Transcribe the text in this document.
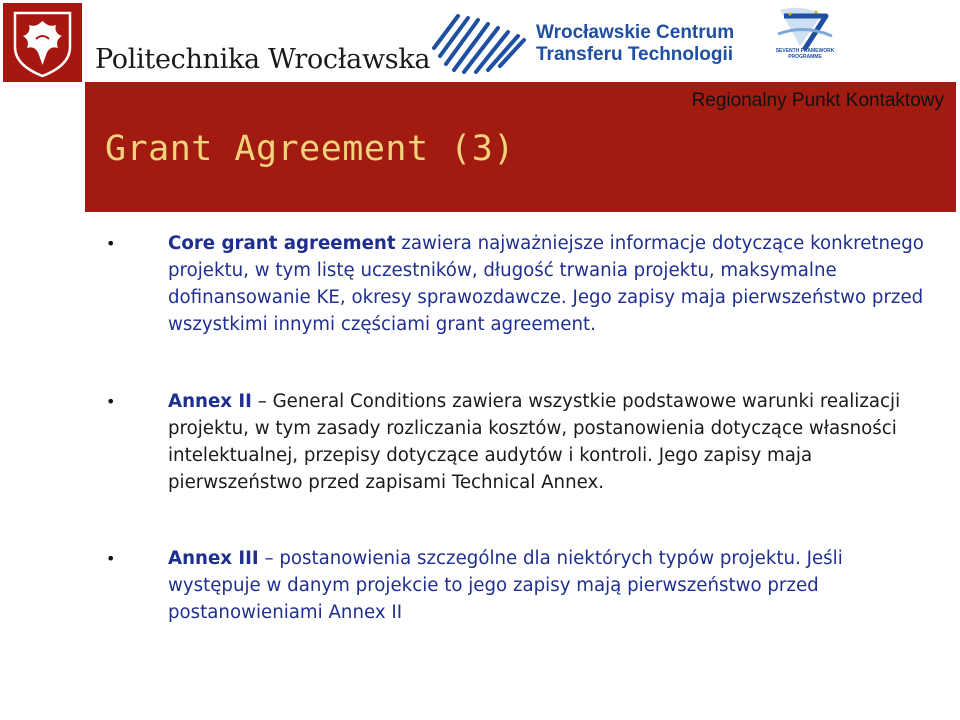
Politechnika Wrocławska
Wrocławskie Centrum
Transferu Technologii	SEVENTH FRAMEWORK
PROGRAMME
Regionalny Punkt Kontaktowy
Grant Agreement (3)
•	Core grant agreement zawiera najważniejsze informacje dotyczące konkretnego projektu, w tym listę uczestników, długość trwania projektu, maksymalne dofinansowanie KE, okresy sprawozdawcze. Jego zapisy maja pierwszeństwo przed wszystkimi innymi częściami grant agreement.
•	Annex II – General Conditions zawiera wszystkie podstawowe warunki realizacji projektu, w tym zasady rozliczania kosztów, postanowienia dotyczące własności intelektualnej, przepisy dotyczące audytów i kontroli. Jego zapisy maja pierwszeństwo przed zapisami Technical Annex.
•	Annex III – postanowienia szczególne dla niektórych typów projektu. Jeśli występuje w danym projekcie to jego zapisy mają pierwszeństwo przed postanowieniami Annex II
